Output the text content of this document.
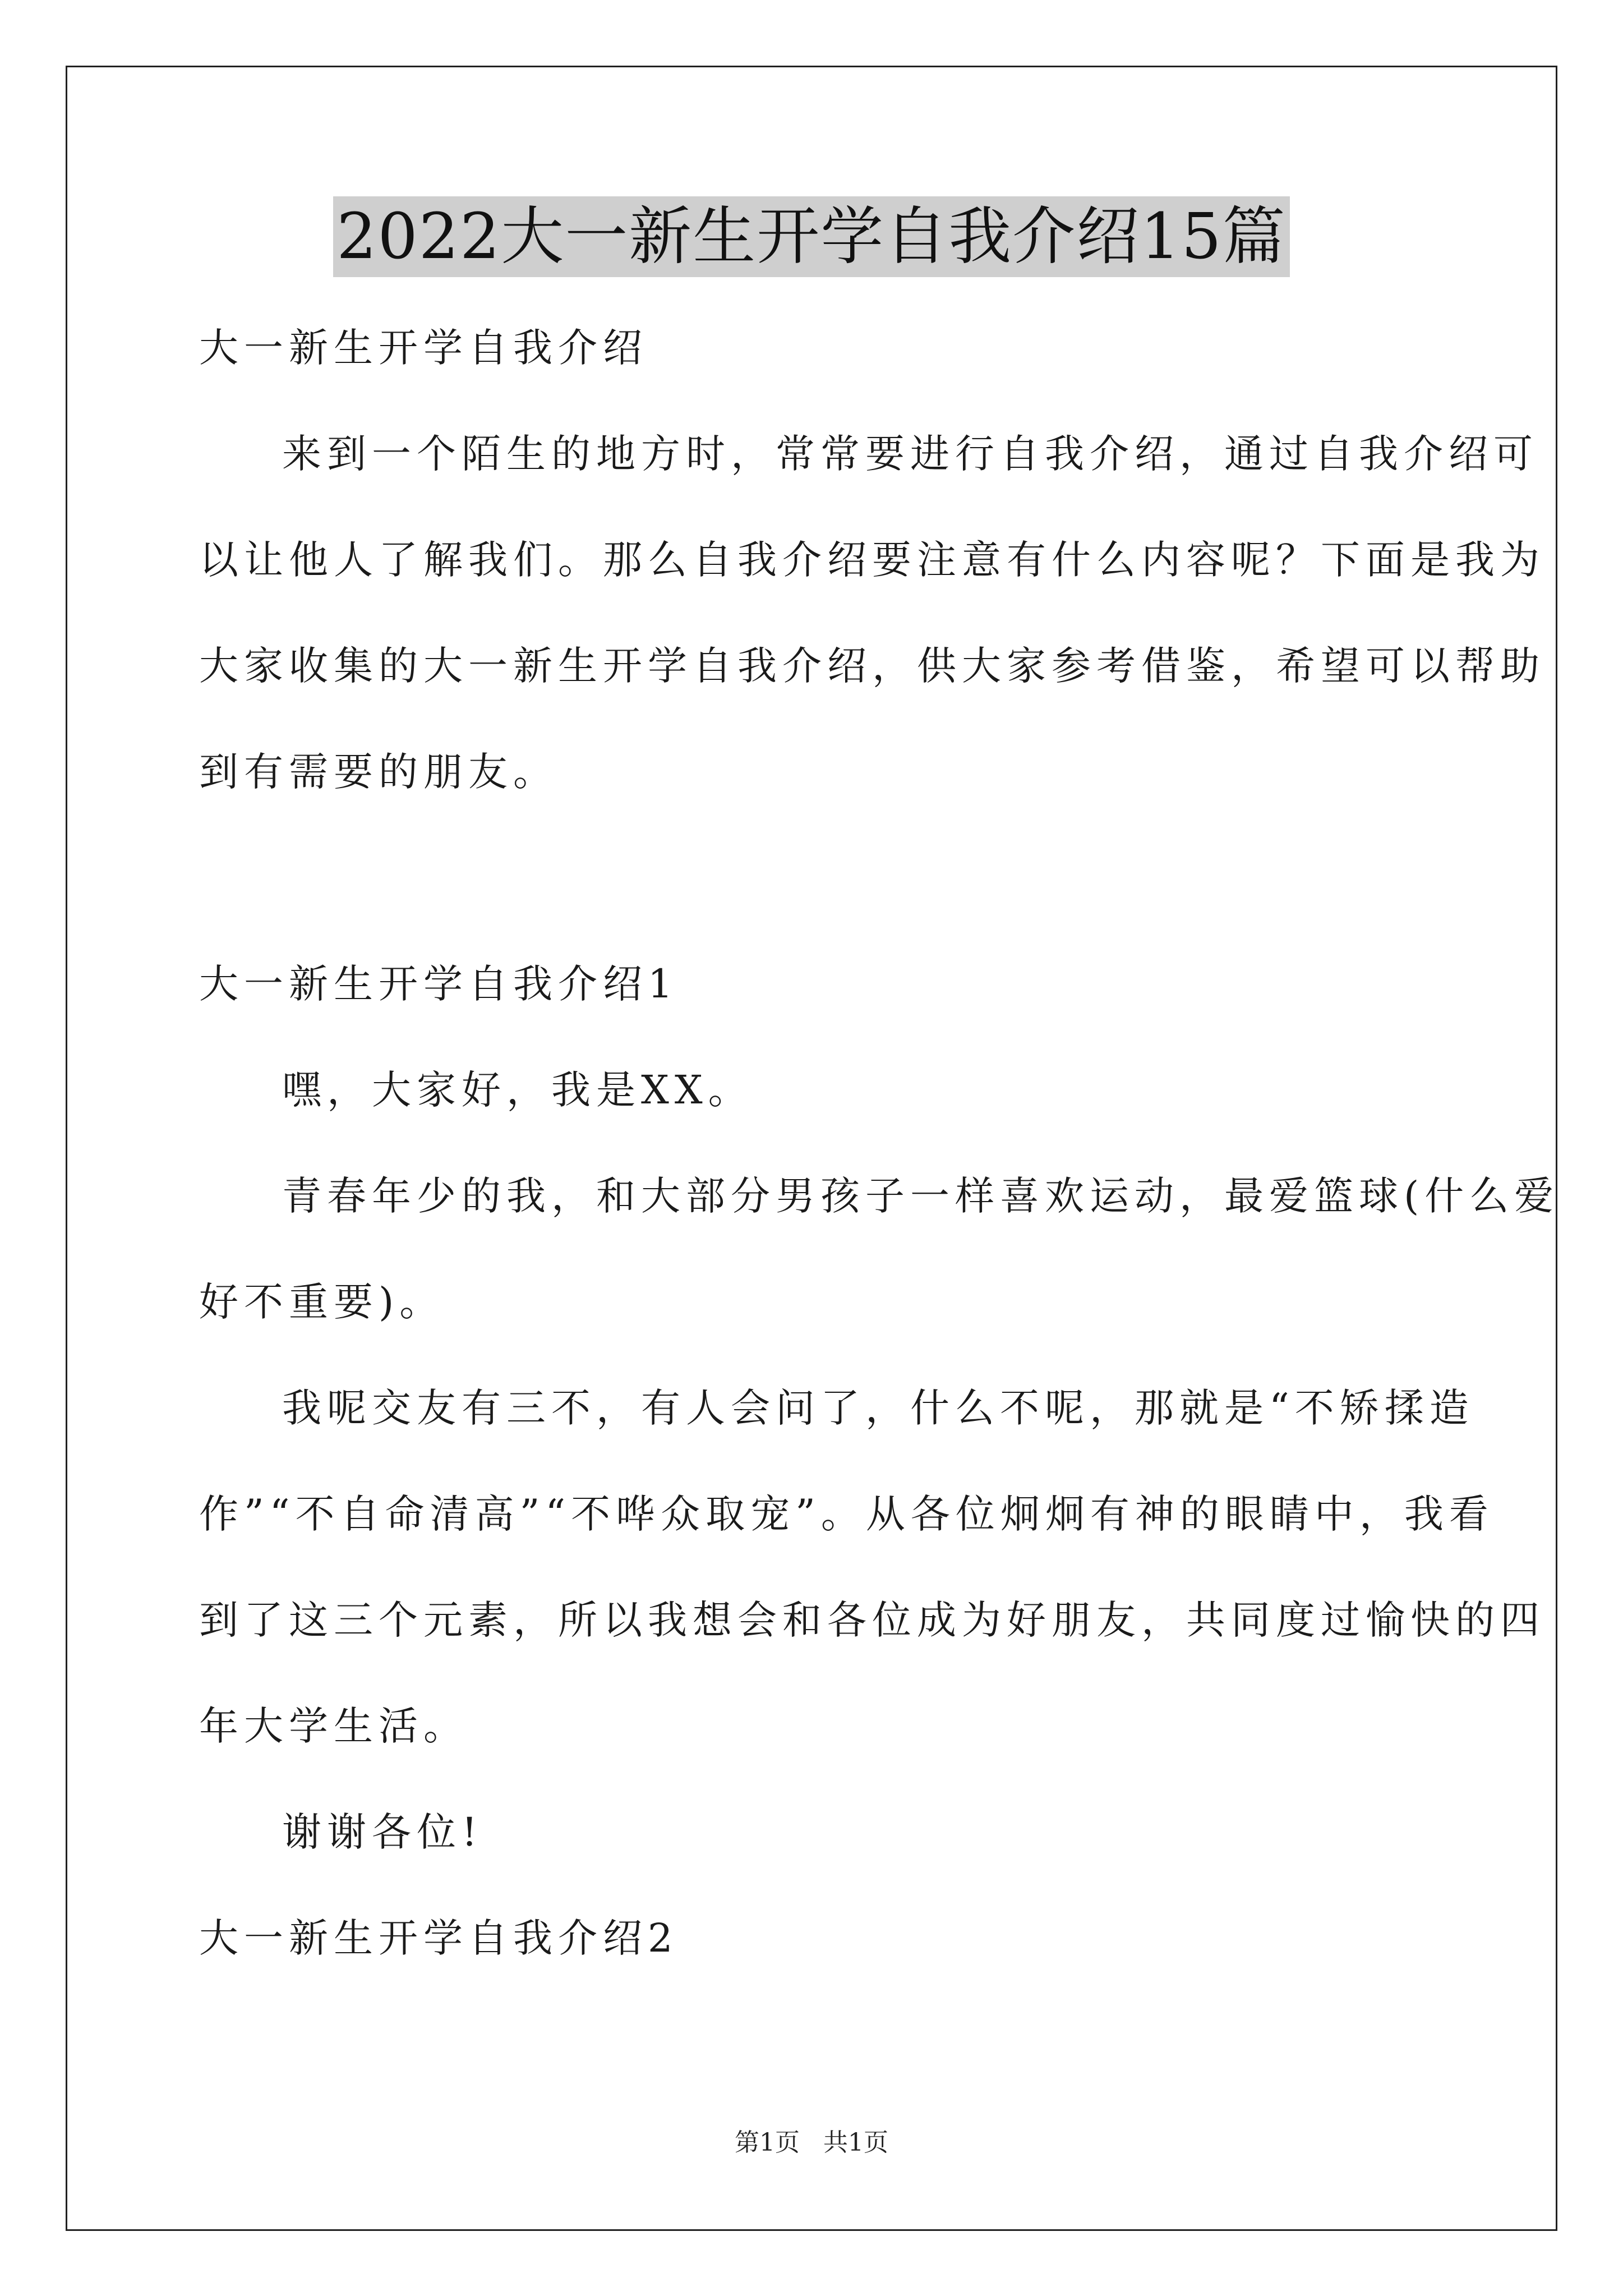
2022大一新生开学自我介绍15篇
大一新生开学自我介绍
来到一个陌生的地方时，常常要进行自我介绍，通过自我介绍可
以让他人了解我们。那么自我介绍要注意有什么内容呢？下面是我为
大家收集的大一新生开学自我介绍，供大家参考借鉴，希望可以帮助
到有需要的朋友。
大一新生开学自我介绍1
嘿，大家好，我是XX。
青春年少的我，和大部分男孩子一样喜欢运动，最爱篮球(什么爱
好不重要)。
我呢交友有三不，有人会问了，什么不呢，那就是“不矫揉造
作”“不自命清高”“不哗众取宠”。从各位炯炯有神的眼睛中，我看
到了这三个元素，所以我想会和各位成为好朋友，共同度过愉快的四
年大学生活。
谢谢各位!
大一新生开学自我介绍2
第1页   共1页
